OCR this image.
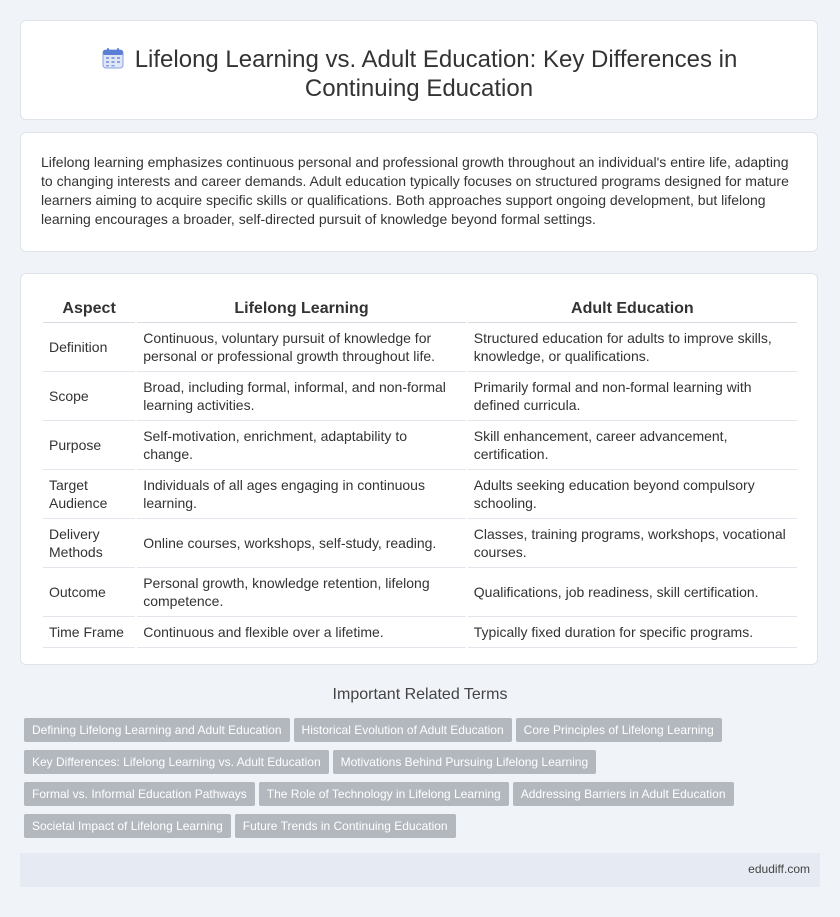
Lifelong Learning vs. Adult Education: Key Differences in
Continuing Education
Lifelong learning emphasizes continuous personal and professional growth throughout an individual's entire life, adapting to changing interests and career demands. Adult education typically focuses on structured programs designed for mature learners aiming to acquire specific skills or qualifications. Both approaches support ongoing development, but lifelong learning encourages a broader, self-directed pursuit of knowledge beyond formal settings.
Aspect	Lifelong Learning	Adult Education
Definition	Continuous, voluntary pursuit of knowledge for personal or professional growth throughout life.	Structured education for adults to improve skills, knowledge, or qualifications.
Scope	Broad, including formal, informal, and non-formal learning activities.	Primarily formal and non-formal learning with defined curricula.
Purpose	Self-motivation, enrichment, adaptability to change.	Skill enhancement, career advancement, certification.
Target Audience	Individuals of all ages engaging in continuous learning.	Adults seeking education beyond compulsory schooling.
Delivery Methods	Online courses, workshops, self-study, reading.	Classes, training programs, workshops, vocational courses.
Outcome	Personal growth, knowledge retention, lifelong competence.	Qualifications, job readiness, skill certification.
Time Frame	Continuous and flexible over a lifetime.	Typically fixed duration for specific programs.
Important Related Terms
Defining Lifelong Learning and Adult Education Historical Evolution of Adult Education Core Principles of Lifelong Learning
Key Differences: Lifelong Learning vs. Adult Education Motivations Behind Pursuing Lifelong Learning
Formal vs. Informal Education Pathways The Role of Technology in Lifelong Learning Addressing Barriers in Adult Education
Societal Impact of Lifelong Learning Future Trends in Continuing Education
edudiff.com
